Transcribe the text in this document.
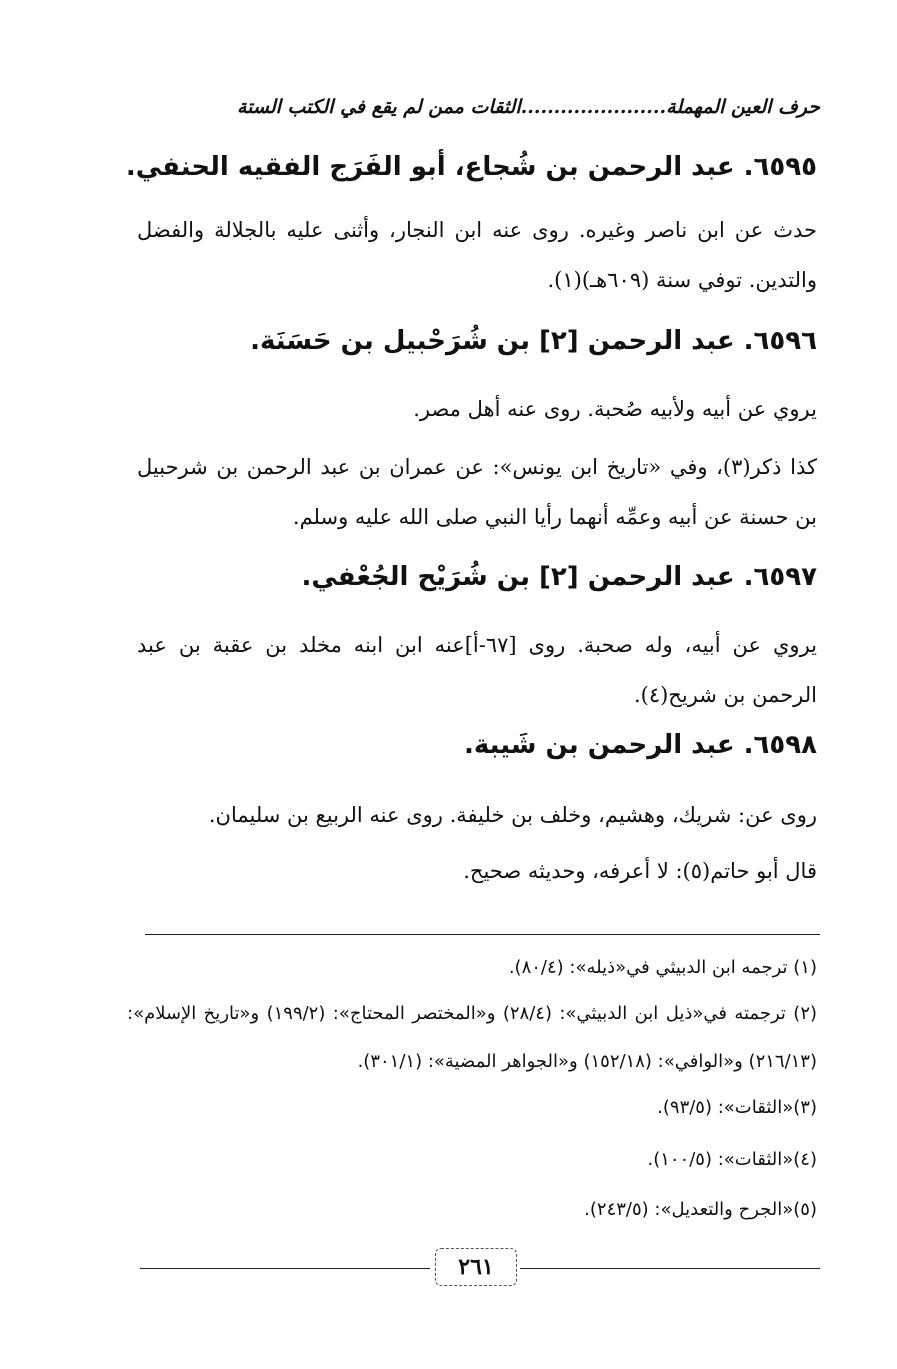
حرف العين المهملة......................الثقات ممن لم يقع في الكتب الستة
٦٥٩٥. عبد الرحمن بن شُجاع، أبو الفَرَج الفقيه الحنفي.
حدث عن ابن ناصر وغيره. روى عنه ابن النجار، وأثنى عليه بالجلالة والفضل والتدين. توفي سنة (٦٠٩هـ)(١).
٦٥٩٦. عبد الرحمن [٢] بن شُرَحْبيل بن حَسَنَة.
يروي عن أبيه ولأبيه صُحبة. روى عنه أهل مصر.
كذا ذكر(٣)، وفي «تاريخ ابن يونس»: عن عمران بن عبد الرحمن بن شرحبيل بن حسنة عن أبيه وعمِّه أنهما رأيا النبي صلى الله عليه وسلم.
٦٥٩٧. عبد الرحمن [٢] بن شُرَيْح الجُعْفي.
يروي عن أبيه، وله صحبة. روى [٦٧-أ]عنه ابن ابنه مخلد بن عقبة بن عبد الرحمن بن شريح(٤).
٦٥٩٨. عبد الرحمن بن شَيبة.
روى عن: شريك، وهشيم، وخلف بن خليفة. روى عنه الربيع بن سليمان.
قال أبو حاتم(٥): لا أعرفه، وحديثه صحيح.
(١) ترجمه ابن الدبيثي في«ذيله»: (٨٠/٤).
(٢) ترجمته في«ذيل ابن الدبيثي»: (٢٨/٤) و«المختصر المحتاج»: (١٩٩/٢) و«تاريخ الإسلام»: (٢١٦/١٣) و«الوافي»: (١٥٢/١٨) و«الجواهر المضية»: (٣٠١/١).
(٣)«الثقات»: (٩٣/٥).
(٤)«الثقات»: (١٠٠/٥).
(٥)«الجرح والتعديل»: (٢٤٣/٥).
٢٦١
